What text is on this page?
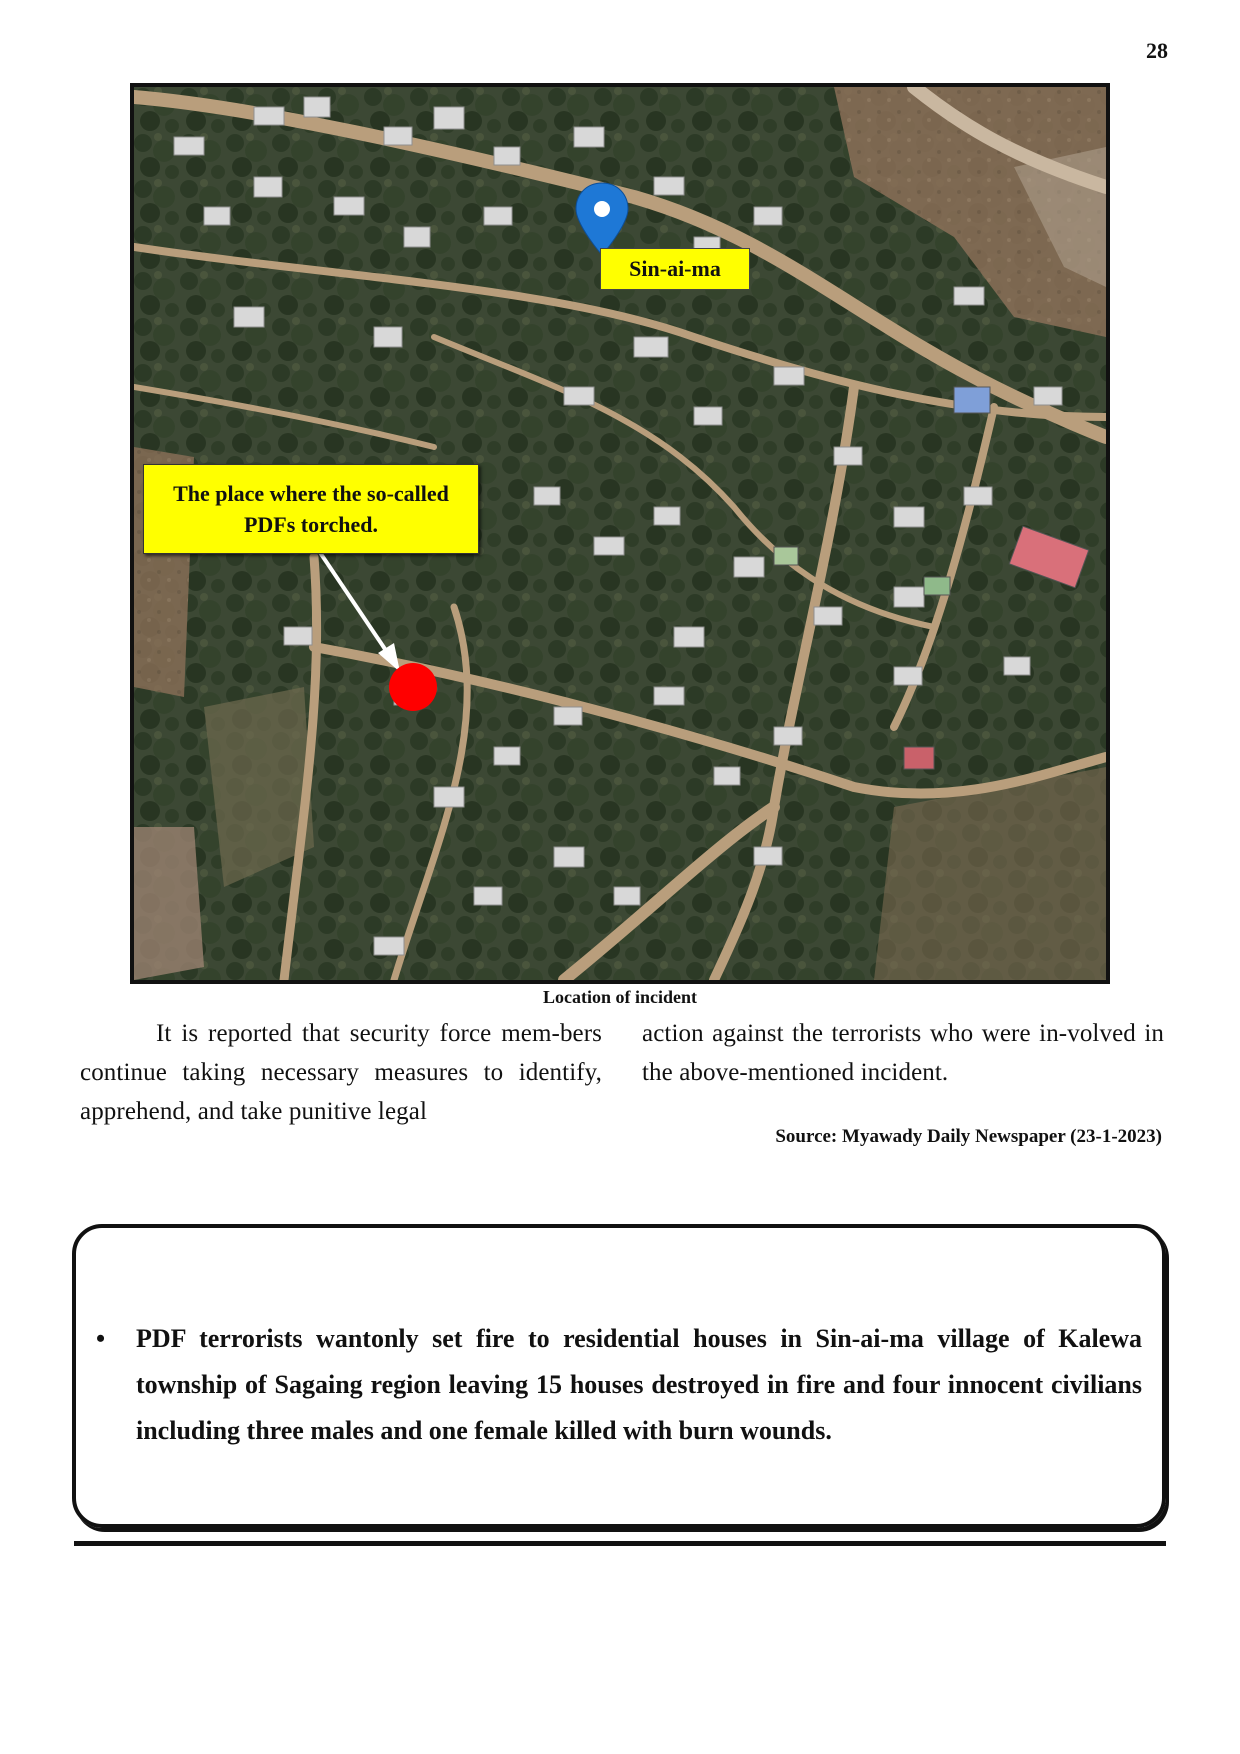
28
Sin-ai-ma
The place where the so-called
PDFs torched.
Location of incident
It is reported that security force mem-bers continue taking necessary measures to identify, apprehend, and take punitive legal
action against the terrorists who were in-volved in the above-mentioned incident.
Source: Myawady Daily Newspaper (23-1-2023)
• PDF terrorists wantonly set fire to residential houses in Sin-ai-ma village of Kalewa township of Sagaing region leaving 15 houses destroyed in fire and four innocent civilians including three males and one female killed with burn wounds.
